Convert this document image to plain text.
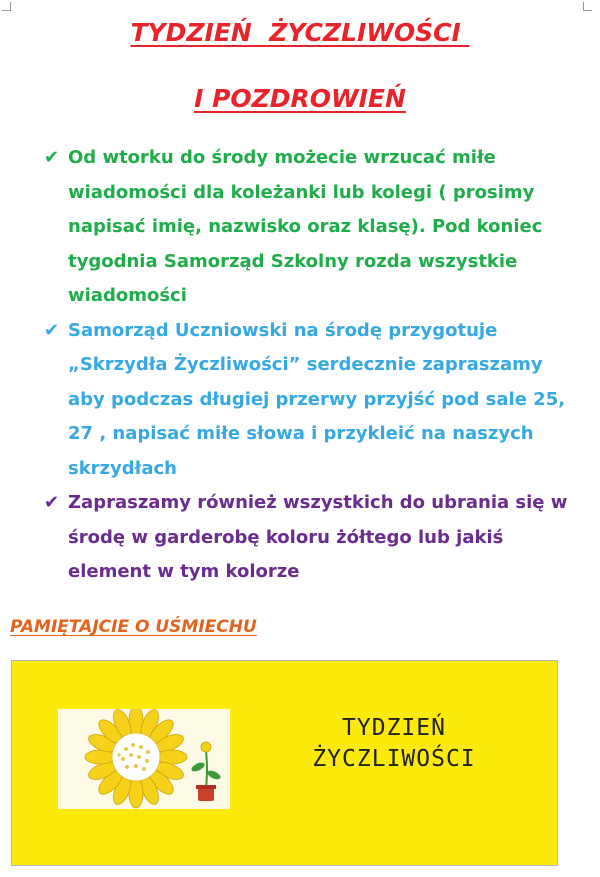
TYDZIEŃ  ŻYCZLIWOŚCI
I POZDROWIEŃ
✔ Od wtorku do środy możecie wrzucać miłe wiadomości dla koleżanki lub kolegi ( prosimy napisać imię, nazwisko oraz klasę). Pod koniec tygodnia Samorząd Szkolny rozda wszystkie wiadomości
✔ Samorząd Uczniowski na środę przygotuje „Skrzydła Życzliwości” serdecznie zapraszamy aby podczas długiej przerwy przyjść pod sale 25, 27 , napisać miłe słowa i przykleić na naszych skrzydłach
✔ Zapraszamy również wszystkich do ubrania się w środę w garderobę koloru żółtego lub jakiś element w tym kolorze
PAMIĘTAJCIE O UŚMIECHU
TYDZIEŃ
ŻYCZLIWOŚCI
